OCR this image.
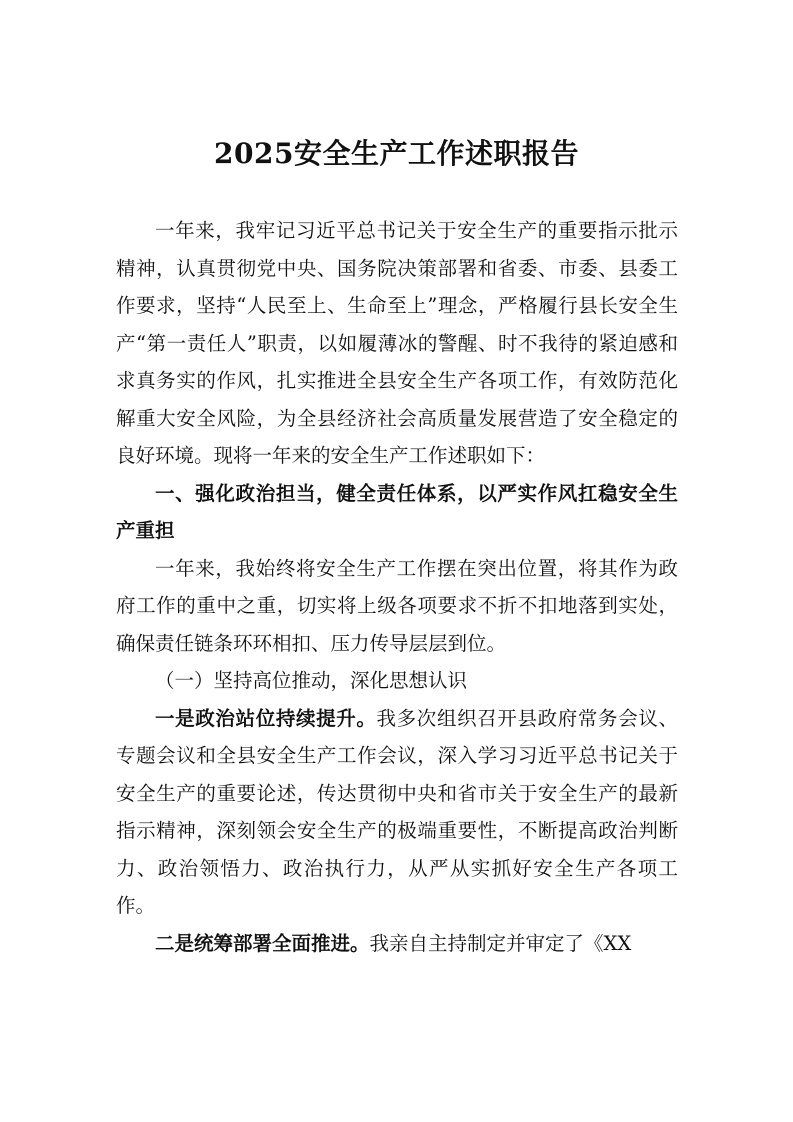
2025安全生产工作述职报告

一年来，我牢记习近平总书记关于安全生产的重要指示批示精神，认真贯彻党中央、国务院决策部署和省委、市委、县委工作要求，坚持“人民至上、生命至上”理念，严格履行县长安全生产“第一责任人”职责，以如履薄冰的警醒、时不我待的紧迫感和求真务实的作风，扎实推进全县安全生产各项工作，有效防范化解重大安全风险，为全县经济社会高质量发展营造了安全稳定的良好环境。现将一年来的安全生产工作述职如下：

一、强化政治担当，健全责任体系，以严实作风扛稳安全生产重担

一年来，我始终将安全生产工作摆在突出位置，将其作为政府工作的重中之重，切实将上级各项要求不折不扣地落到实处，确保责任链条环环相扣、压力传导层层到位。

（一）坚持高位推动，深化思想认识

一是政治站位持续提升。我多次组织召开县政府常务会议、专题会议和全县安全生产工作会议，深入学习习近平总书记关于安全生产的重要论述，传达贯彻中央和省市关于安全生产的最新指示精神，深刻领会安全生产的极端重要性，不断提高政治判断力、政治领悟力、政治执行力，从严从实抓好安全生产各项工作。

二是统筹部署全面推进。我亲自主持制定并审定了《XX
